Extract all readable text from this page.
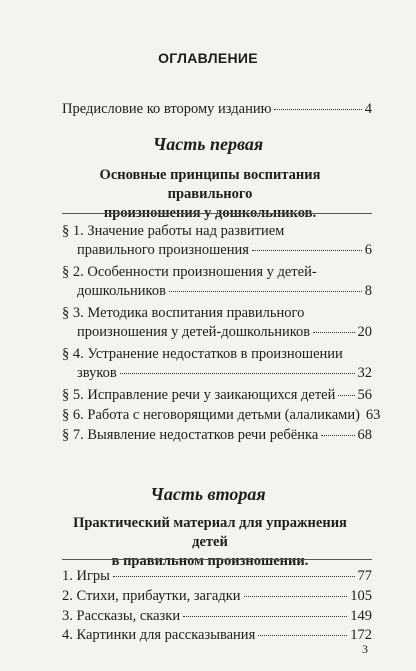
ОГЛАВЛЕНИЕ
Предисловие ко второму изданию	4
Часть первая
Основные принципы воспитания правильного
произношения у дошкольников.
§ 1. Значение работы над развитием
правильного произношения	6
§ 2. Особенности произношения у детей-
дошкольников	8
§ 3. Методика воспитания правильного
произношения у детей-дошкольников	20
§ 4. Устранение недостатков в произношении
звуков	32
§ 5. Исправление речи у заикающихся детей 56
§ 6. Работа с неговорящими детьми (алаликами) 63
§ 7. Выявление недостатков речи ребёнка	68
Часть вторая
Практический материал для упражнения детей
в правильном произношении.
1. Игры	77
2. Стихи, прибаутки, загадки	105
3. Рассказы, сказки	149
4. Картинки для рассказывания	172
3
